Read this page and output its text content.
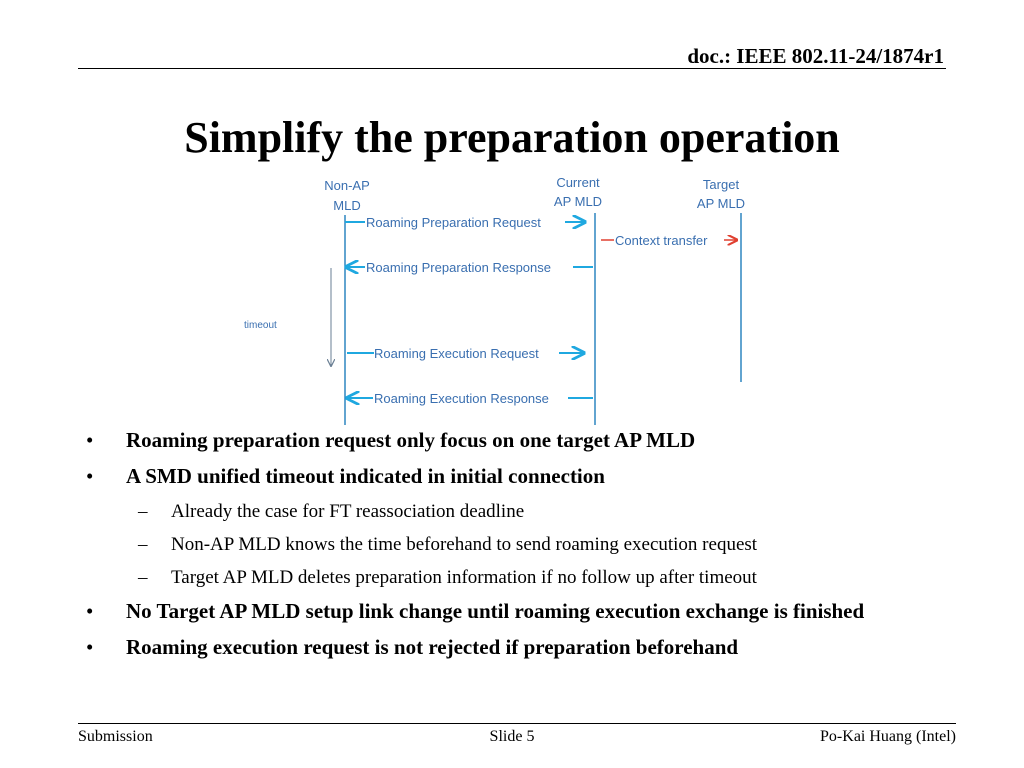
doc.: IEEE 802.11-24/1874r1
Simplify the preparation operation
Non-AP
MLD
Current
AP MLD
Target
AP MLD
Roaming Preparation Request
Context transfer
Roaming Preparation Response
timeout
Roaming Execution Request
Roaming Execution Response
• Roaming preparation request only focus on one target AP MLD
• A SMD unified timeout indicated in initial connection
– Already the case for FT reassociation deadline
– Non-AP MLD knows the time beforehand to send roaming execution request
– Target AP MLD deletes preparation information if no follow up after timeout
• No Target AP MLD setup link change until roaming execution exchange is finished
• Roaming execution request is not rejected if preparation beforehand
Submission	Slide 5	Po-Kai Huang (Intel)
